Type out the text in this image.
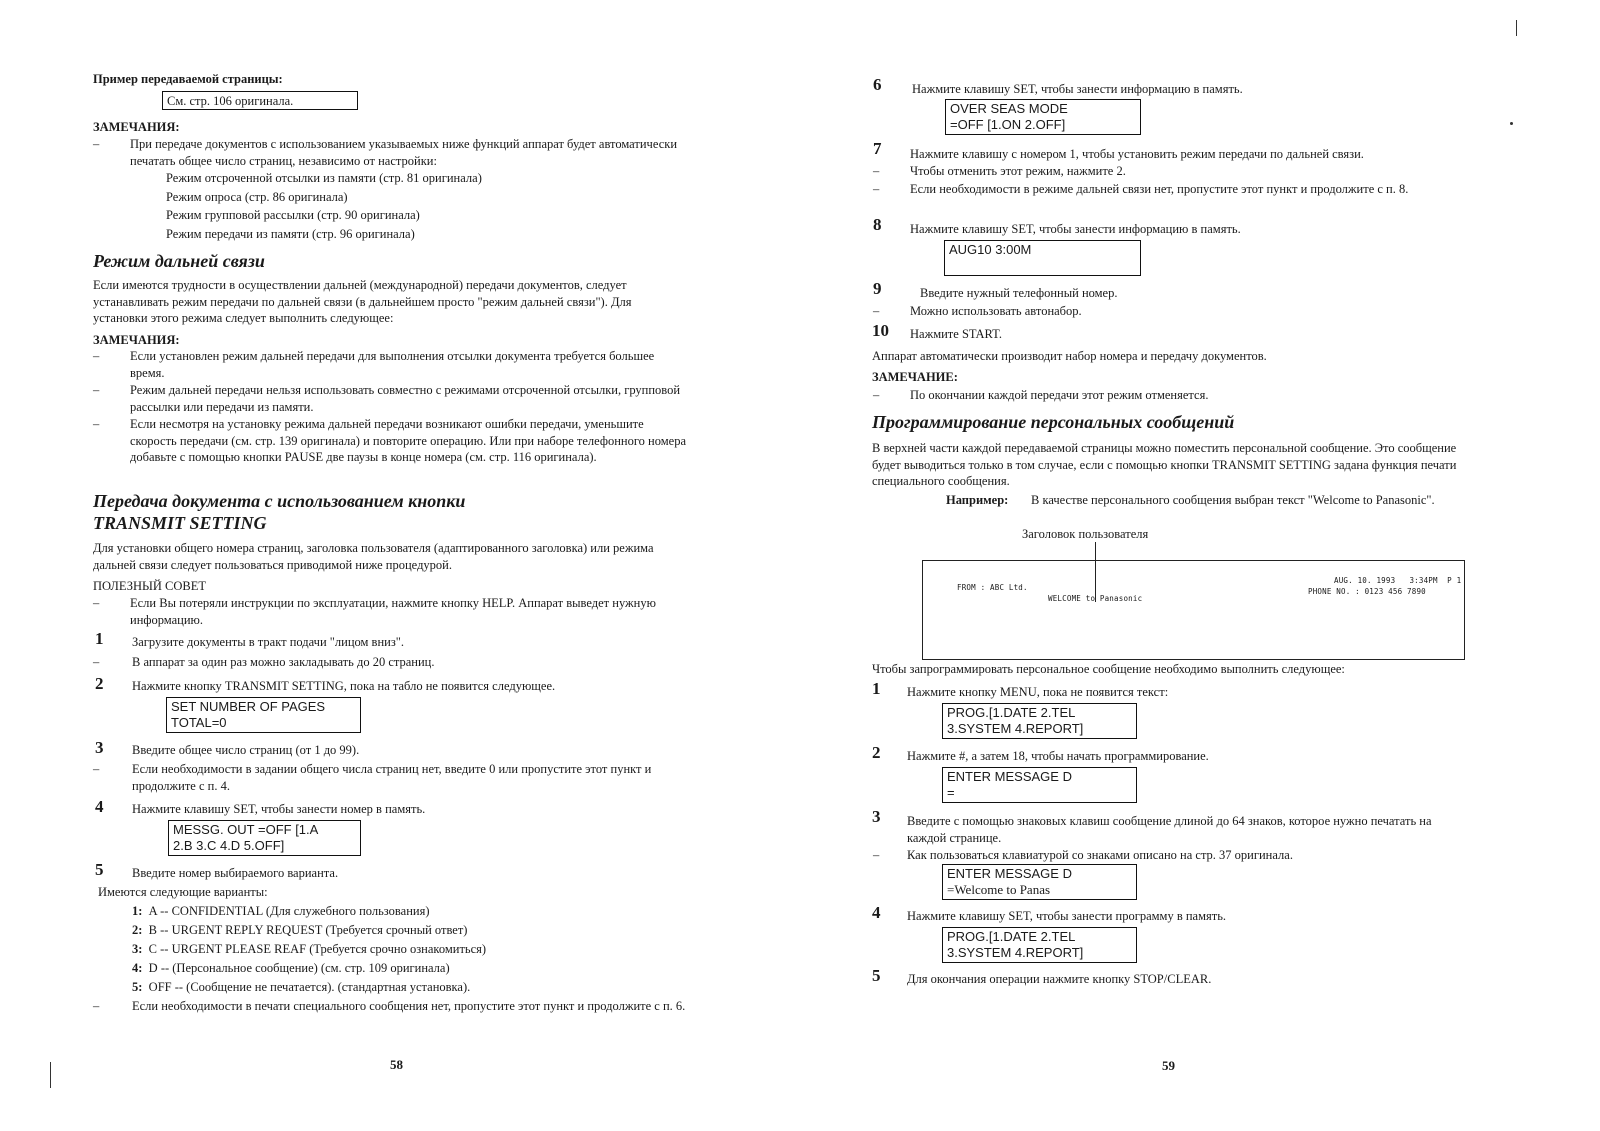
Пример передаваемой страницы:
См. стр. 106 оригинала.
ЗАМЕЧАНИЯ:
– При передаче документов с использованием указываемых ниже функций аппарат будет автоматически печатать общее число страниц, независимо от настройки:
Режим отсроченной отсылки из памяти (стр. 81 оригинала)
Режим опроса (стр. 86 оригинала)
Режим групповой рассылки (стр. 90 оригинала)
Режим передачи из памяти (стр. 96 оригинала)
Режим дальней связи
Если имеются трудности в осуществлении дальней (международной) передачи документов, следует устанавливать режим передачи по дальней связи (в дальнейшем просто "режим дальней связи"). Для установки этого режима следует выполнить следующее:
ЗАМЕЧАНИЯ:
– Если установлен режим дальней передачи для выполнения отсылки документа требуется большее время.
– Режим дальней передачи нельзя использовать совместно с режимами отсроченной отсылки, групповой рассылки или передачи из памяти.
– Если несмотря на установку режима дальней передачи возникают ошибки передачи, уменьшите скорость передачи (см. стр. 139 оригинала) и повторите операцию. Или при наборе телефонного номера добавьте с помощью кнопки PAUSE две паузы в конце номера (см. стр. 116 оригинала).
Передача документа с использованием кнопки
TRANSMIT SETTING
Для установки общего номера страниц, заголовка пользователя (адаптированного заголовка) или режима дальней связи следует пользоваться приводимой ниже процедурой.
ПОЛЕЗНЫЙ СОВЕТ
– Если Вы потеряли инструкции по эксплуатации, нажмите кнопку HELP. Аппарат выведет нужную информацию.
1 Загрузите документы в тракт подачи "лицом вниз".
–	В аппарат за один раз можно закладывать до 20 страниц.
2 Нажмите кнопку TRANSMIT SETTING, пока на табло не появится следующее.
SET NUMBER OF PAGES
TOTAL=0
3 Введите общее число страниц (от 1 до 99).
–	Если необходимости в задании общего числа страниц нет, введите 0 или пропустите этот пункт и продолжите с п. 4.
4 Нажмите клавишу SET, чтобы занести номер в память.
MESSG. OUT =OFF [1.A
2.B 3.C 4.D 5.OFF]
5 Введите номер выбираемого варианта.
Имеются следующие варианты:
1: A -- CONFIDENTIAL (Для служебного пользования)
2: B -- URGENT REPLY REQUEST (Требуется срочный ответ)
3: C -- URGENT PLEASE REAF (Требуется срочно ознакомиться)
4: D -- (Персональное сообщение) (см. стр. 109 оригинала)
5: OFF -- (Сообщение не печатается). (стандартная установка).
–	Если необходимости в печати специального сообщения нет, пропустите этот пункт и продолжите с п. 6.
58
6 Нажмите клавишу SET, чтобы занести информацию в память.
OVER SEAS MODE
=OFF [1.ON 2.OFF]
7 Нажмите клавишу с номером 1, чтобы установить режим передачи по дальней связи.
– Чтобы отменить этот режим, нажмите 2.
– Если необходимости в режиме дальней связи нет, пропустите этот пункт и продолжите с п. 8.
8 Нажмите клавишу SET, чтобы занести информацию в память.
AUG10 3:00M
9	Введите нужный телефонный номер.
– Можно использовать автонабор.
10 Нажмите START.
Аппарат автоматически производит набор номера и передачу документов.
ЗАМЕЧАНИЕ:
– По окончании каждой передачи этот режим отменяется.
Программирование персональных сообщений
В верхней части каждой передаваемой страницы можно поместить персональной сообщение. Это сообщение будет выводиться только в том случае, если с помощью кнопки TRANSMIT SETTING задана функция печати специального сообщения.
Например:	В качестве персонального сообщения выбран текст "Welcome to Panasonic".
Заголовок пользователя
FROM : ABC Ltd.
WELCOME to Panasonic
AUG. 10. 1993   3:34PM  P 1
PHONE NO. : 0123 456 7890
Чтобы запрограммировать персональное сообщение необходимо выполнить следующее:
1 Нажмите кнопку MENU, пока не появится текст:
PROG.[1.DATE 2.TEL
3.SYSTEM 4.REPORT]
2 Нажмите #, а затем 18, чтобы начать программирование.
ENTER MESSAGE D
=
3 Введите с помощью знаковых клавиш сообщение длиной до 64 знаков, которое нужно печатать на каждой странице.
– Как пользоваться клавиатурой со знаками описано на стр. 37 оригинала.
ENTER MESSAGE D
=Welcome to Panas
4 Нажмите клавишу SET, чтобы занести программу в память.
PROG.[1.DATE 2.TEL
3.SYSTEM 4.REPORT]
5 Для окончания операции нажмите кнопку STOP/CLEAR.
59
